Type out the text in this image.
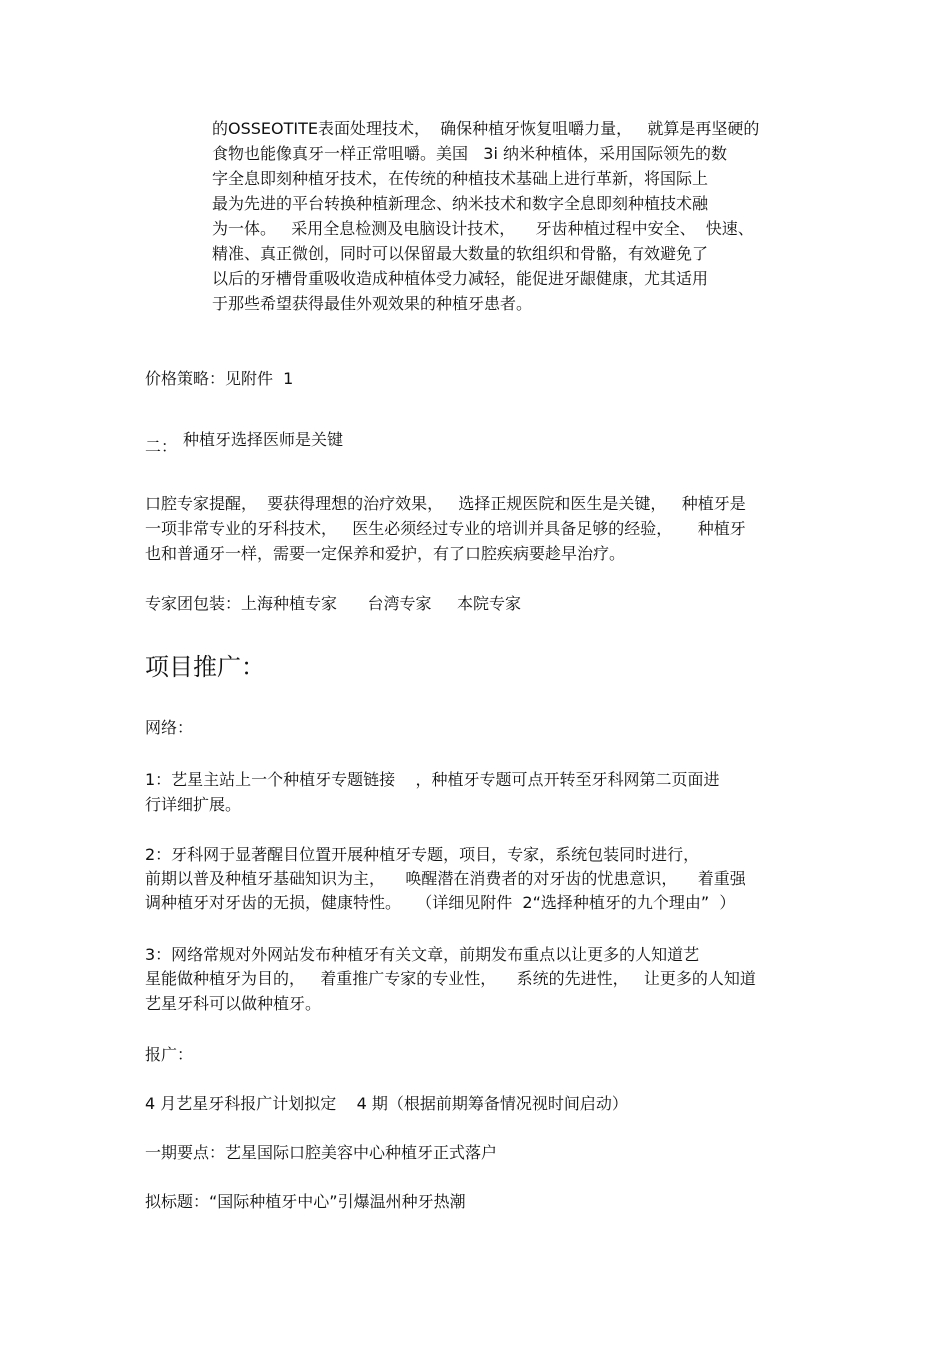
的OSSEOTITE表面处理技术，  确保种植牙恢复咀嚼力量，   就算是再坚硬的

食物也能像真牙一样正常咀嚼。美国   3i 纳米种植体，采用国际领先的数

字全息即刻种植牙技术，在传统的种植技术基础上进行革新，将国际上

最为先进的平台转换种植新理念、纳米技术和数字全息即刻种植技术融

为一体。   采用全息检测及电脑设计技术，    牙齿种植过程中安全、  快速、

精准、真正微创，同时可以保留最大数量的软组织和骨骼，有效避免了

以后的牙槽骨重吸收造成种植体受力减轻，能促进牙龈健康，尤其适用

于那些希望获得最佳外观效果的种植牙患者。

价格策略：见附件  1

二： 种植牙选择医师是关键

口腔专家提醒，  要获得理想的治疗效果，   选择正规医院和医生是关键，   种植牙是

一项非常专业的牙科技术，   医生必须经过专业的培训并具备足够的经验，     种植牙

也和普通牙一样，需要一定保养和爱护，有了口腔疾病要趁早治疗。

专家团包装：上海种植专家      台湾专家     本院专家

项目推广：

网络：

1：艺星主站上一个种植牙专题链接    ，种植牙专题可点开转至牙科网第二页面进

行详细扩展。

2：牙科网于显著醒目位置开展种植牙专题，项目，专家，系统包装同时进行，

前期以普及种植牙基础知识为主，    唤醒潜在消费者的对牙齿的忧患意识，    着重强

调种植牙对牙齿的无损，健康特性。   （详细见附件  2“选择种植牙的九个理由”  ）

3：网络常规对外网站发布种植牙有关文章，前期发布重点以让更多的人知道艺

星能做种植牙为目的，   着重推广专家的专业性，    系统的先进性，   让更多的人知道

艺星牙科可以做种植牙。

报广：

4 月艺星牙科报广计划拟定    4 期（根据前期筹备情况视时间启动）

一期要点：艺星国际口腔美容中心种植牙正式落户

拟标题：“国际种植牙中心”引爆温州种牙热潮
